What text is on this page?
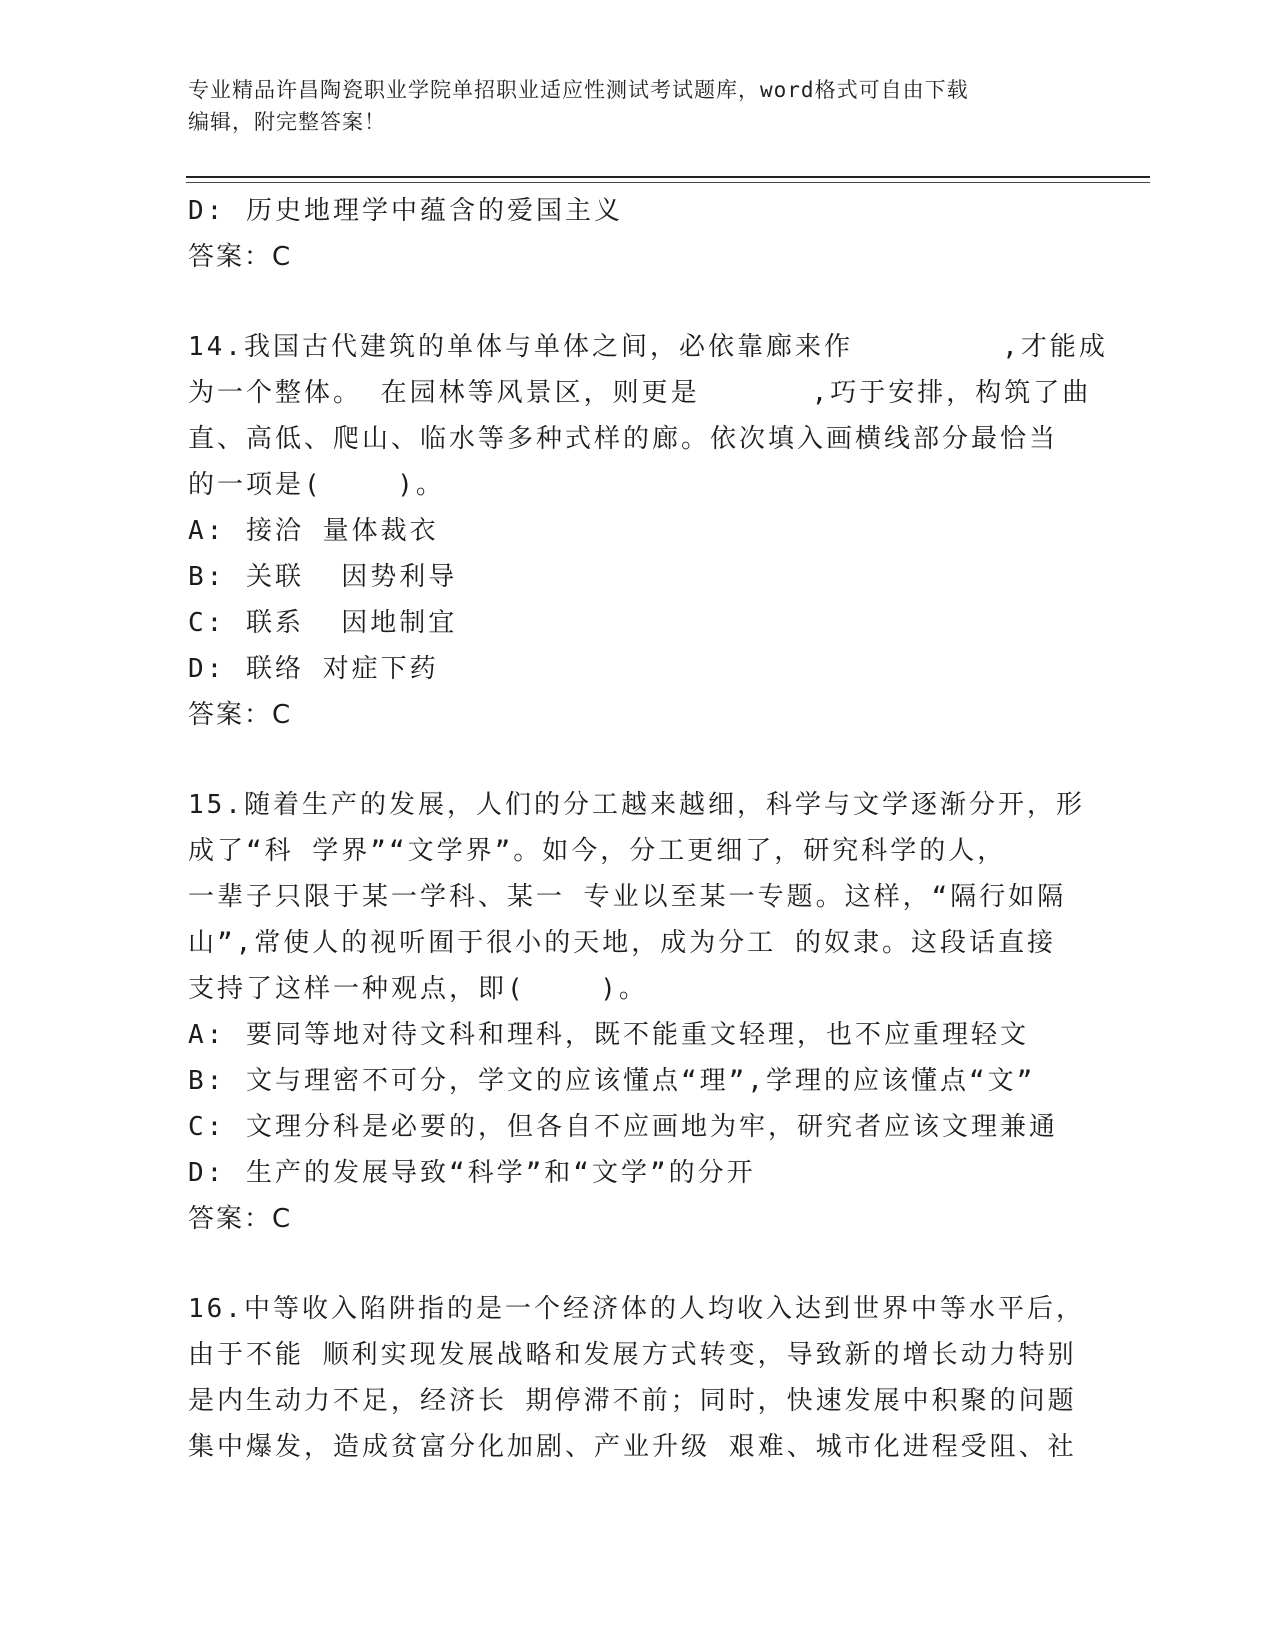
专业精品许昌陶瓷职业学院单招职业适应性测试考试题库，word格式可自由下载
编辑，附完整答案！
D: 历史地理学中蕴含的爱国主义
答案：C
14.我国古代建筑的单体与单体之间，必依靠廊来作        ,才能成
为一个整体。 在园林等风景区，则更是      ,巧于安排，构筑了曲
直、高低、爬山、临水等多种式样的廊。依次填入画横线部分最恰当
的一项是(    )。
A: 接洽 量体裁衣
B: 关联  因势利导
C: 联系  因地制宜
D: 联络 对症下药
答案：C
15.随着生产的发展，人们的分工越来越细，科学与文学逐渐分开，形
成了“科 学界”“文学界”。如今，分工更细了，研究科学的人，
一辈子只限于某一学科、某一 专业以至某一专题。这样，“隔行如隔
山”,常使人的视听囿于很小的天地，成为分工 的奴隶。这段话直接
支持了这样一种观点，即(    )。
A: 要同等地对待文科和理科，既不能重文轻理，也不应重理轻文
B: 文与理密不可分，学文的应该懂点“理”,学理的应该懂点“文”
C: 文理分科是必要的，但各自不应画地为牢，研究者应该文理兼通
D: 生产的发展导致“科学”和“文学”的分开
答案：C
16.中等收入陷阱指的是一个经济体的人均收入达到世界中等水平后，
由于不能 顺利实现发展战略和发展方式转变，导致新的增长动力特别
是内生动力不足，经济长 期停滞不前；同时，快速发展中积聚的问题
集中爆发，造成贫富分化加剧、产业升级 艰难、城市化进程受阻、社
